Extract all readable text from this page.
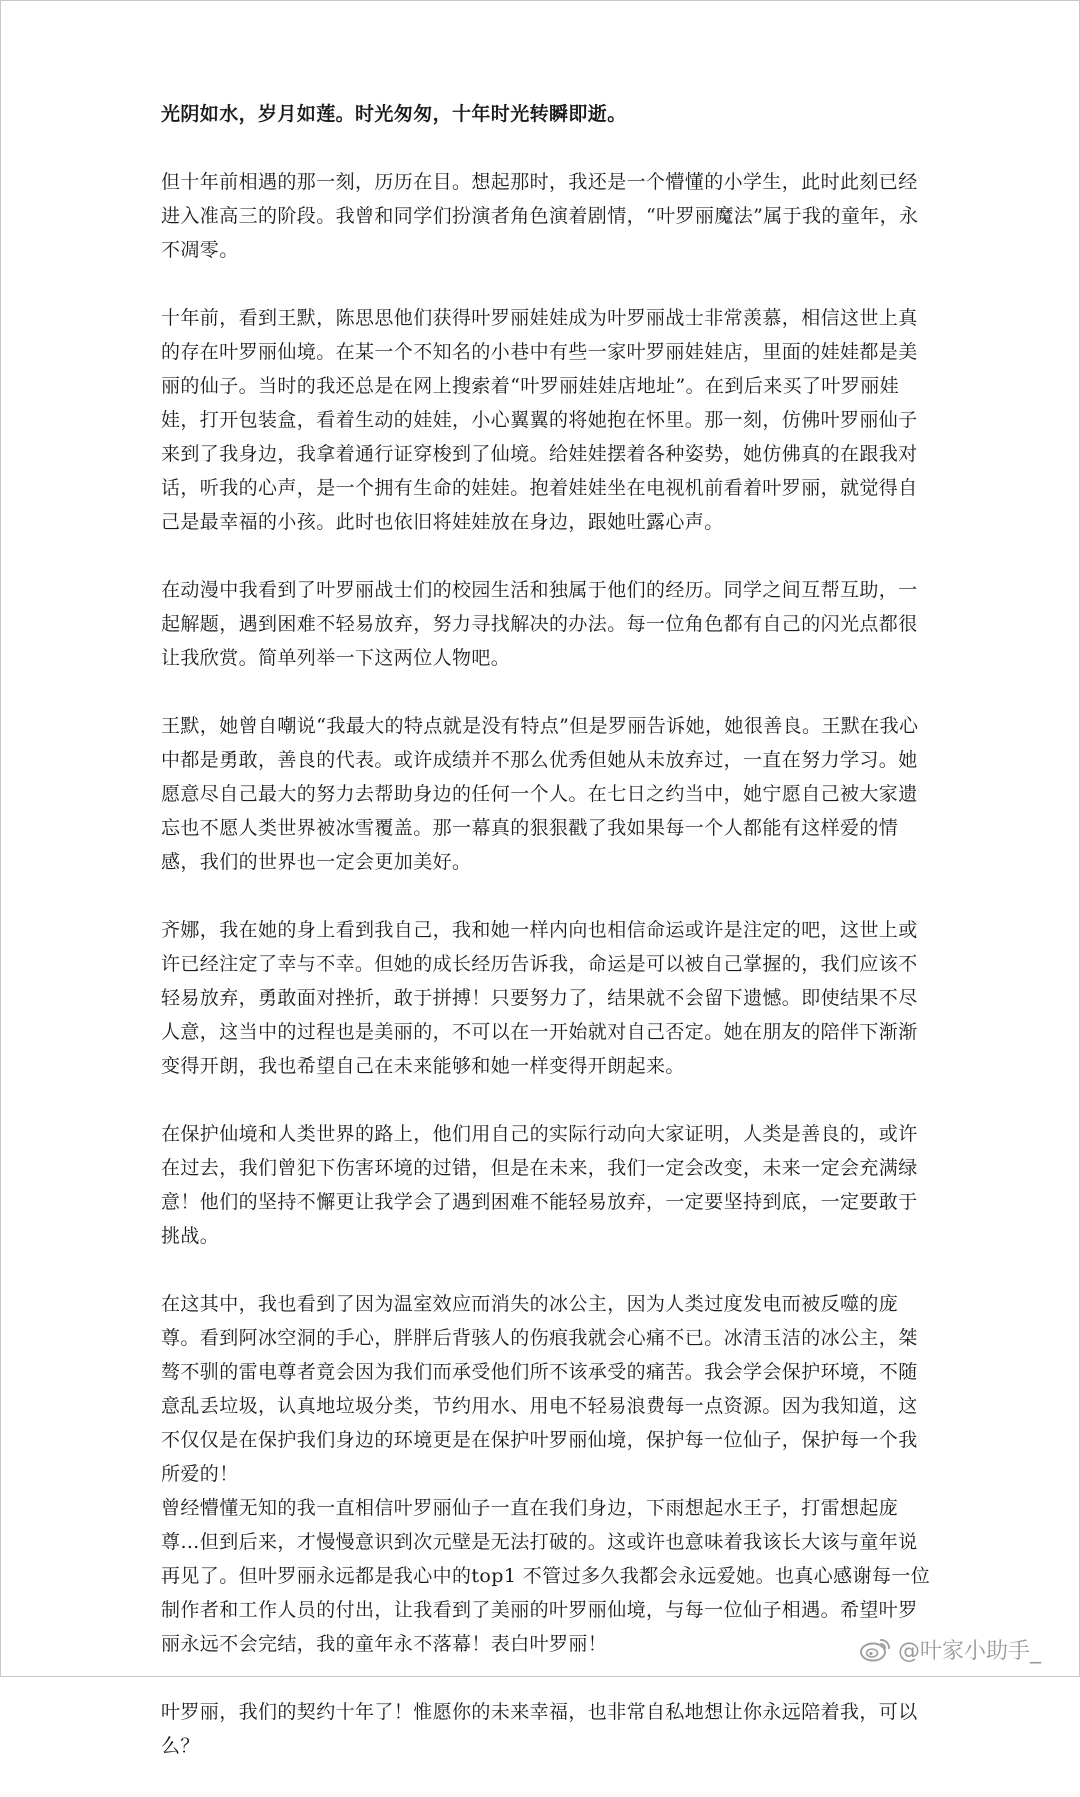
光阴如水，岁月如莲。时光匆匆，十年时光转瞬即逝。

但十年前相遇的那一刻，历历在目。想起那时，我还是一个懵懂的小学生，此时此刻已经进入准高三的阶段。我曾和同学们扮演者角色演着剧情，“叶罗丽魔法”属于我的童年，永不凋零。

十年前，看到王默，陈思思他们获得叶罗丽娃娃成为叶罗丽战士非常羡慕，相信这世上真的存在叶罗丽仙境。在某一个不知名的小巷中有些一家叶罗丽娃娃店，里面的娃娃都是美丽的仙子。当时的我还总是在网上搜索着“叶罗丽娃娃店地址”。在到后来买了叶罗丽娃娃，打开包装盒，看着生动的娃娃，小心翼翼的将她抱在怀里。那一刻，仿佛叶罗丽仙子来到了我身边，我拿着通行证穿梭到了仙境。给娃娃摆着各种姿势，她仿佛真的在跟我对话，听我的心声，是一个拥有生命的娃娃。抱着娃娃坐在电视机前看着叶罗丽，就觉得自己是最幸福的小孩。此时也依旧将娃娃放在身边，跟她吐露心声。

在动漫中我看到了叶罗丽战士们的校园生活和独属于他们的经历。同学之间互帮互助，一起解题，遇到困难不轻易放弃，努力寻找解决的办法。每一位角色都有自己的闪光点都很让我欣赏。简单列举一下这两位人物吧。

王默，她曾自嘲说“我最大的特点就是没有特点”但是罗丽告诉她，她很善良。王默在我心中都是勇敢，善良的代表。或许成绩并不那么优秀但她从未放弃过，一直在努力学习。她愿意尽自己最大的努力去帮助身边的任何一个人。在七日之约当中，她宁愿自己被大家遗忘也不愿人类世界被冰雪覆盖。那一幕真的狠狠戳了我如果每一个人都能有这样爱的情感，我们的世界也一定会更加美好。

齐娜，我在她的身上看到我自己，我和她一样内向也相信命运或许是注定的吧，这世上或许已经注定了幸与不幸。但她的成长经历告诉我，命运是可以被自己掌握的，我们应该不轻易放弃，勇敢面对挫折，敢于拼搏！只要努力了，结果就不会留下遗憾。即使结果不尽人意，这当中的过程也是美丽的，不可以在一开始就对自己否定。她在朋友的陪伴下渐渐变得开朗，我也希望自己在未来能够和她一样变得开朗起来。

在保护仙境和人类世界的路上，他们用自己的实际行动向大家证明，人类是善良的，或许在过去，我们曾犯下伤害环境的过错，但是在未来，我们一定会改变，未来一定会充满绿意！他们的坚持不懈更让我学会了遇到困难不能轻易放弃，一定要坚持到底，一定要敢于挑战。

在这其中，我也看到了因为温室效应而消失的冰公主，因为人类过度发电而被反噬的庞尊。看到阿冰空洞的手心，胖胖后背骇人的伤痕我就会心痛不已。冰清玉洁的冰公主，桀骜不驯的雷电尊者竟会因为我们而承受他们所不该承受的痛苦。我会学会保护环境，不随意乱丢垃圾，认真地垃圾分类，节约用水、用电不轻易浪费每一点资源。因为我知道，这不仅仅是在保护我们身边的环境更是在保护叶罗丽仙境，保护每一位仙子，保护每一个我所爱的！

曾经懵懂无知的我一直相信叶罗丽仙子一直在我们身边，下雨想起水王子，打雷想起庞尊…但到后来，才慢慢意识到次元壁是无法打破的。这或许也意味着我该长大该与童年说再见了。但叶罗丽永远都是我心中的top1 不管过多久我都会永远爱她。也真心感谢每一位制作者和工作人员的付出，让我看到了美丽的叶罗丽仙境，与每一位仙子相遇。希望叶罗丽永远不会完结，我的童年永不落幕！表白叶罗丽！

叶罗丽，我们的契约十年了！惟愿你的未来幸福，也非常自私地想让你永远陪着我，可以么？

@叶家小助手_
